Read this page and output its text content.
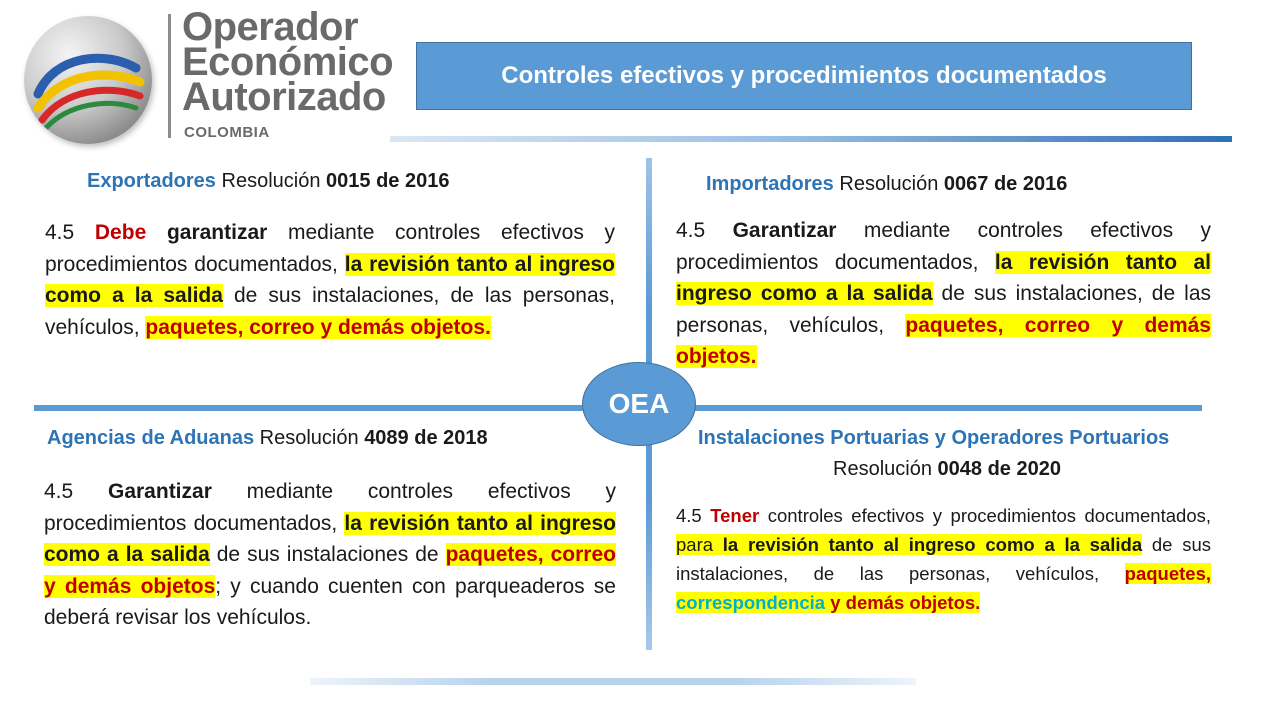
Operador
Económico
Autorizado
COLOMBIA
Controles efectivos y procedimientos documentados
OEA
Exportadores Resolución 0015 de 2016
4.5 Debe garantizar mediante controles efectivos y procedimientos documentados, la revisión tanto al ingreso como a la salida de sus instalaciones, de las personas, vehículos, paquetes, correo y demás objetos.
Importadores Resolución 0067 de 2016
4.5 Garantizar mediante controles efectivos y procedimientos documentados, la revisión tanto al ingreso como a la salida de sus instalaciones, de las personas, vehículos, paquetes, correo y demás objetos.
Agencias de Aduanas Resolución 4089 de 2018
4.5 Garantizar mediante controles efectivos y procedimientos documentados, la revisión tanto al ingreso como a la salida de sus instalaciones de paquetes, correo y demás objetos; y cuando cuenten con parqueaderos se deberá revisar los vehículos.
Instalaciones Portuarias y Operadores Portuarios
Resolución 0048 de 2020
4.5 Tener controles efectivos y procedimientos documentados, para la revisión tanto al ingreso como a la salida de sus instalaciones, de las personas, vehículos, paquetes, correspondencia y demás objetos.
